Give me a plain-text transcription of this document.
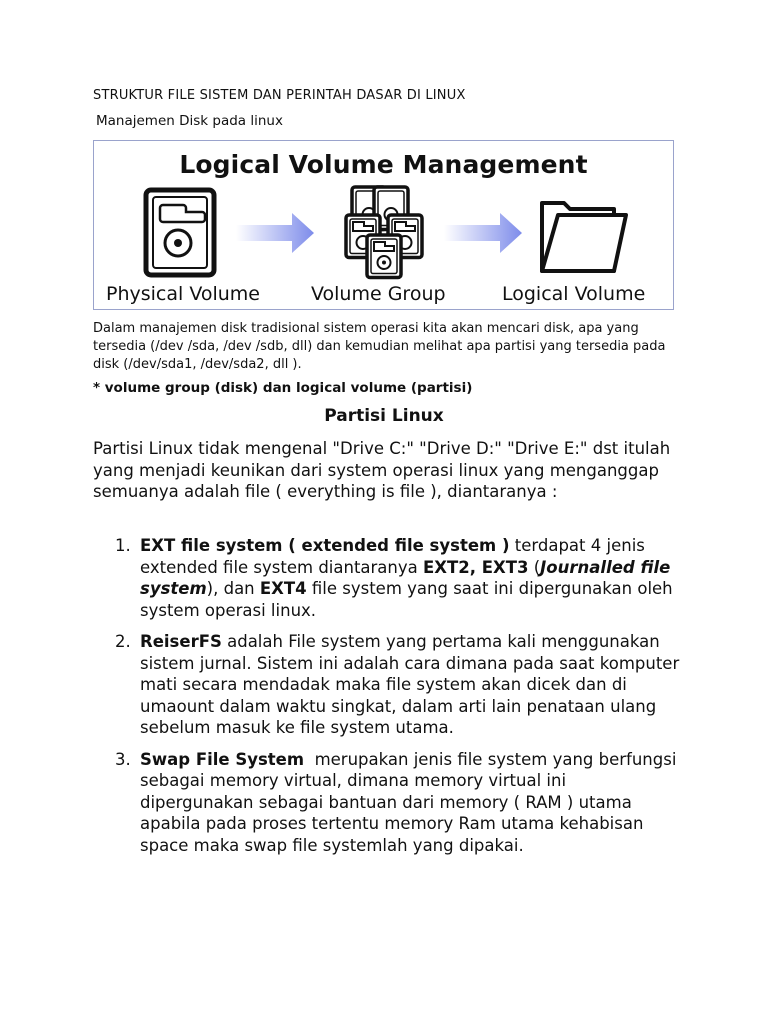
STRUKTUR FILE SISTEM DAN PERINTAH DASAR DI LINUX
Manajemen Disk pada linux
Logical Volume Management
Physical Volume	Volume Group	Logical Volume
Dalam manajemen disk tradisional sistem operasi kita akan mencari disk, apa yang tersedia (/dev /sda, /dev /sdb, dll) dan kemudian melihat apa partisi yang tersedia pada disk (/dev/sda1, /dev/sda2, dll ).
* volume group (disk) dan logical volume (partisi)
Partisi Linux
Partisi Linux tidak mengenal "Drive C:" "Drive D:" "Drive E:" dst itulah yang menjadi keunikan dari system operasi linux yang menganggap semuanya adalah file ( everything is file ), diantaranya :
1. EXT file system ( extended file system ) terdapat 4 jenis extended file system diantaranya EXT2, EXT3 (Journalled file system), dan EXT4 file system yang saat ini dipergunakan oleh system operasi linux.
2. ReiserFS adalah File system yang pertama kali menggunakan sistem jurnal. Sistem ini adalah cara dimana pada saat komputer mati secara mendadak maka file system akan dicek dan di umaount dalam waktu singkat, dalam arti lain penataan ulang sebelum masuk ke file system utama.
3. Swap File System  merupakan jenis file system yang berfungsi sebagai memory virtual, dimana memory virtual ini dipergunakan sebagai bantuan dari memory ( RAM ) utama apabila pada proses tertentu memory Ram utama kehabisan space maka swap file systemlah yang dipakai.
